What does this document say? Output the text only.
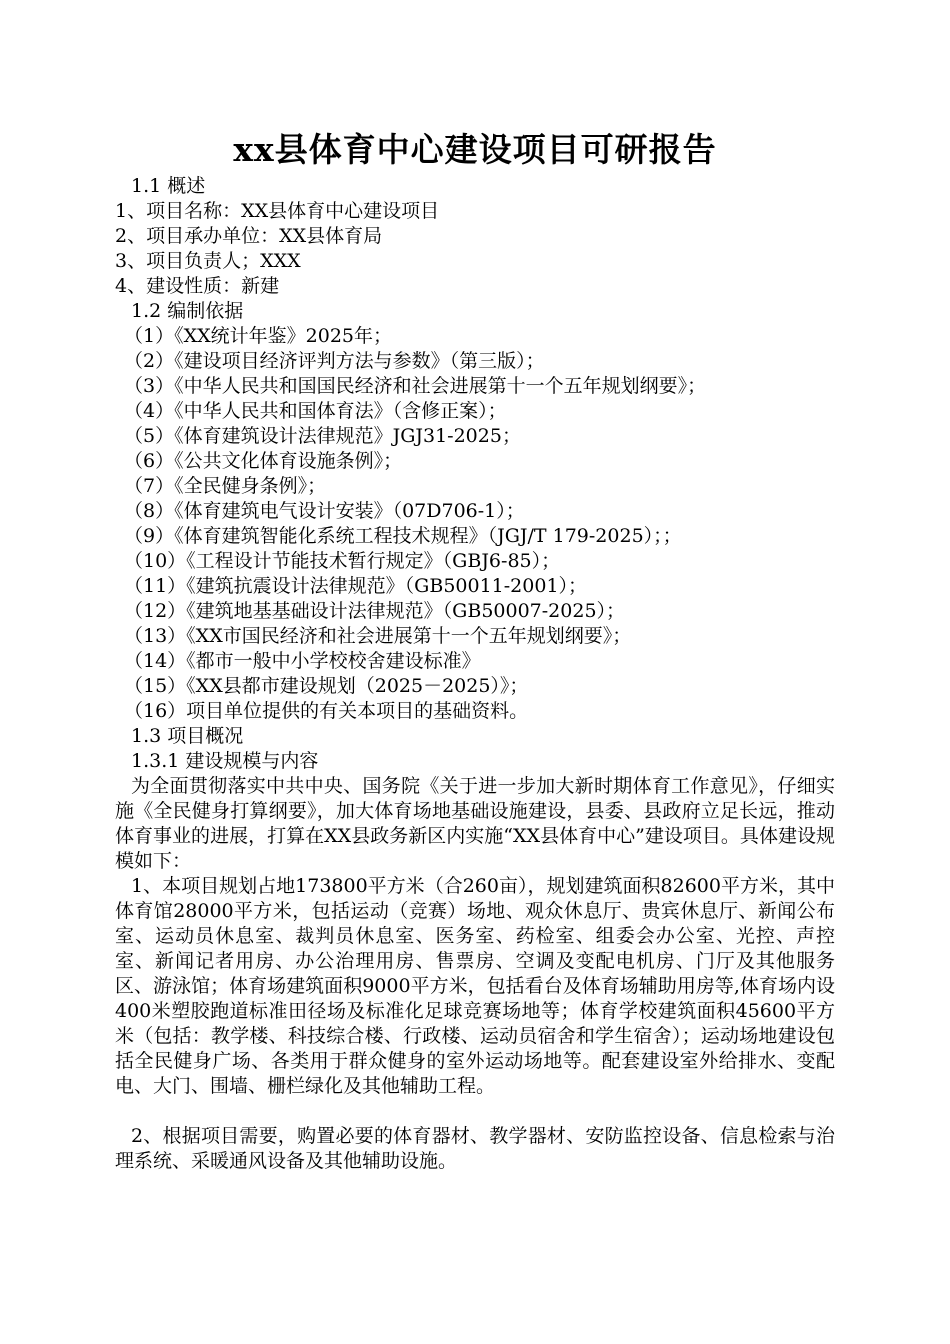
xx县体育中心建设项目可研报告
1.1 概述
1、项目名称：XX县体育中心建设项目
2、项目承办单位：XX县体育局
3、项目负责人；XXX
4、建设性质：新建
1.2 编制依据
（1）《XX统计年鉴》2025年；
（2）《建设项目经济评判方法与参数》（第三版）；
（3）《中华人民共和国国民经济和社会进展第十一个五年规划纲要》；
（4）《中华人民共和国体育法》（含修正案）；
（5）《体育建筑设计法律规范》JGJ31-2025；
（6）《公共文化体育设施条例》；
（7）《全民健身条例》；
（8）《体育建筑电气设计安装》（07D706-1）；
（9）《体育建筑智能化系统工程技术规程》（JGJ/T 179-2025）；；
（10）《工程设计节能技术暂行规定》（GBJ6-85）；
（11）《建筑抗震设计法律规范》（GB50011-2001）；
（12）《建筑地基基础设计法律规范》（GB50007-2025）；
（13）《XX市国民经济和社会进展第十一个五年规划纲要》；
（14）《都市一般中小学校校舍建设标准》
（15）《XX县都市建设规划（2025－2025）》；
（16）项目单位提供的有关本项目的基础资料。
1.3 项目概况
1.3.1 建设规模与内容
为全面贯彻落实中共中央、国务院《关于进一步加大新时期体育工作意见》，仔细实施《全民健身打算纲要》，加大体育场地基础设施建设，县委、县政府立足长远，推动体育事业的进展，打算在XX县政务新区内实施“XX县体育中心”建设项目。具体建设规模如下：
1、本项目规划占地173800平方米（合260亩），规划建筑面积82600平方米，其中体育馆28000平方米，包括运动（竞赛）场地、观众休息厅、贵宾休息厅、新闻公布室、运动员休息室、裁判员休息室、医务室、药检室、组委会办公室、光控、声控室、新闻记者用房、办公治理用房、售票房、空调及变配电机房、门厅及其他服务区、游泳馆；体育场建筑面积9000平方米，包括看台及体育场辅助用房等,体育场内设400米塑胶跑道标准田径场及标准化足球竞赛场地等；体育学校建筑面积45600平方米（包括：教学楼、科技综合楼、行政楼、运动员宿舍和学生宿舍）；运动场地建设包括全民健身广场、各类用于群众健身的室外运动场地等。配套建设室外给排水、变配电、大门、围墙、栅栏绿化及其他辅助工程。
2、根据项目需要，购置必要的体育器材、教学器材、安防监控设备、信息检索与治理系统、采暖通风设备及其他辅助设施。
